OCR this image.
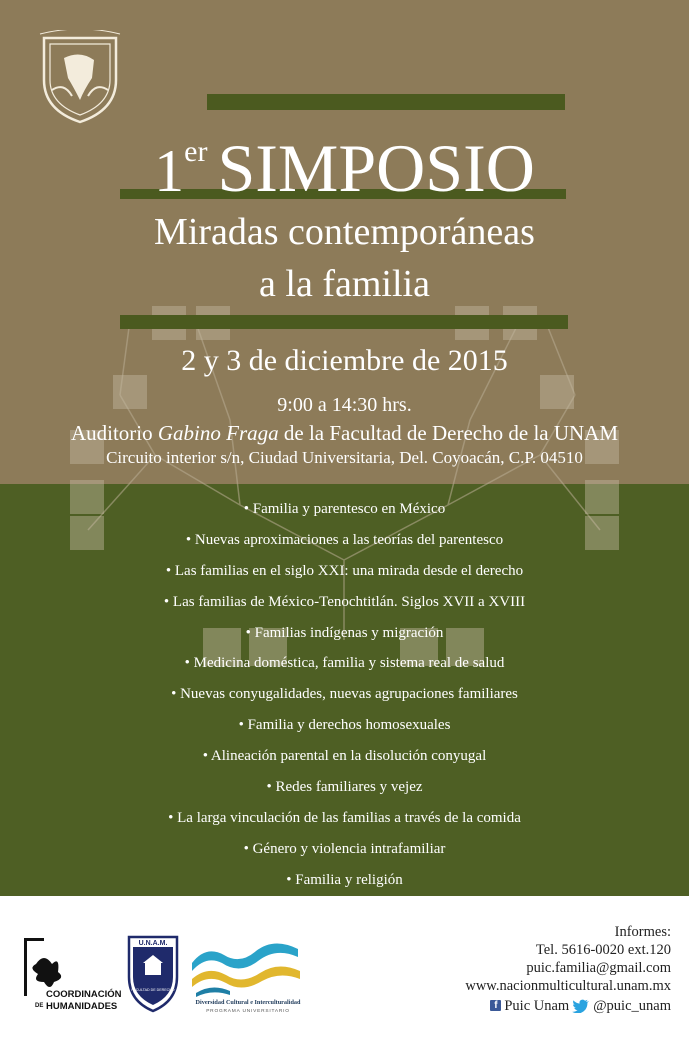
1er SIMPOSIO
Miradas contemporáneas
a la familia
2 y 3 de diciembre de 2015
9:00 a 14:30 hrs.
Auditorio Gabino Fraga de la Facultad de Derecho de la UNAM
Circuito interior s/n, Ciudad Universitaria, Del. Coyoacán, C.P. 04510
• Familia y parentesco en México
• Nuevas aproximaciones a las teorías del parentesco
• Las familias en el siglo XXI: una mirada desde el derecho
• Las familias de México-Tenochtitlán. Siglos XVII a XVIII
• Familias indígenas y migración
• Medicina doméstica, familia y sistema real de salud
• Nuevas conyugalidades, nuevas agrupaciones familiares
• Familia y derechos homosexuales
• Alineación parental en la disolución conyugal
• Redes familiares y vejez
• La larga vinculación de las familias a través de la comida
• Género y violencia intrafamiliar
• Familia y religión
COORDINACIÓN
DE HUMANIDADES
U.N.A.M.
FACULTAD DE DERECHO
Diversidad Cultural e Interculturalidad
PROGRAMA UNIVERSITARIO
Informes:
Tel. 5616-0020 ext.120
puic.familia@gmail.com
www.nacionmulticultural.unam.mx
f Puic Unam @puic_unam
